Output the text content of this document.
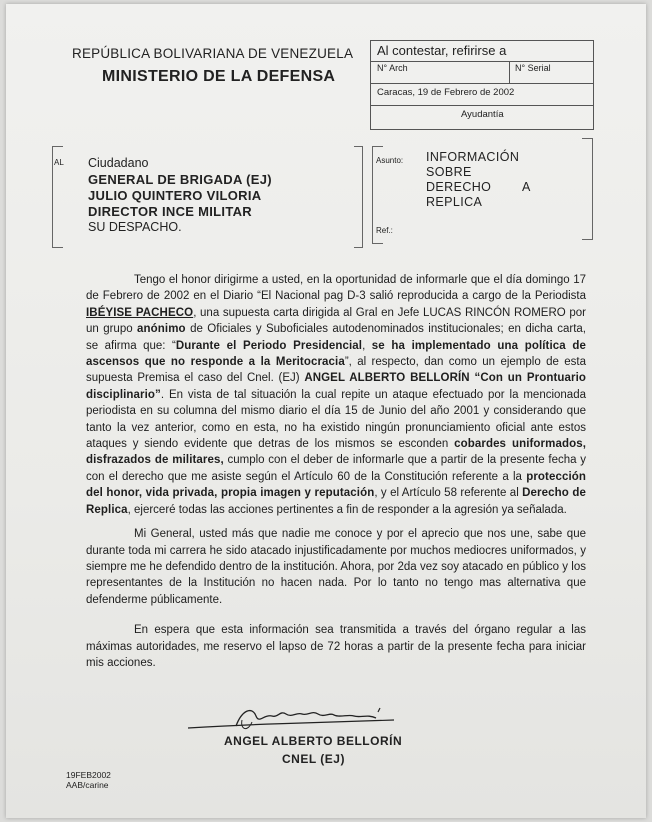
REPÚBLICA BOLIVARIANA DE VENEZUELA
MINISTERIO DE LA DEFENSA
Al contestar, refirirse a
N° Arch	N° Serial
Caracas, 19 de Febrero de 2002
Ayudantía
AL Ciudadano
GENERAL DE BRIGADA (EJ)
JULIO QUINTERO VILORIA
DIRECTOR INCE MILITAR
SU DESPACHO.
Asunto: INFORMACIÓN
SOBRE
DERECHO A
REPLICA
Ref.:

Tengo el honor dirigirme a usted, en la oportunidad de informarle que el día domingo 17 de Febrero de 2002 en el Diario “El Nacional pag D-3 salió reproducida a cargo de la Periodista IBÉYISE PACHECO, una supuesta carta dirigida al Gral en Jefe LUCAS RINCÓN ROMERO por un grupo anónimo de Oficiales y Suboficiales autodenominados institucionales; en dicha carta, se afirma que: “Durante el Periodo Presidencial, se ha implementado una política de ascensos que no responde a la Meritocracia”, al respecto, dan como un ejemplo de esta supuesta Premisa el caso del Cnel. (EJ) ANGEL ALBERTO BELLORÍN “Con un Prontuario disciplinario”. En vista de tal situación la cual repite un ataque efectuado por la mencionada periodista en su columna del mismo diario el día 15 de Junio del año 2001 y considerando que tanto la vez anterior, como en esta, no ha existido ningún pronunciamiento oficial ante estos ataques y siendo evidente que detras de los mismos se esconden cobardes uniformados, disfrazados de militares, cumplo con el deber de informarle que a partir de la presente fecha y con el derecho que me asiste según el Artículo 60 de la Constitución referente a la protección del honor, vida privada, propia imagen y reputación, y el Artículo 58 referente al Derecho de Replica, ejerceré todas las acciones pertinentes a fin de responder a la agresión ya señalada.

Mi General, usted más que nadie me conoce y por el aprecio que nos une, sabe que durante toda mi carrera he sido atacado injustificadamente por muchos mediocres uniformados, y siempre me he defendido dentro de la institución. Ahora, por 2da vez soy atacado en público y los representantes de la Institución no hacen nada. Por lo tanto no tengo mas alternativa que defenderme públicamente.

En espera que esta información sea transmitida a través del órgano regular a las máximas autoridades, me reservo el lapso de 72 horas a partir de la presente fecha para iniciar mis acciones.

ANGEL ALBERTO BELLORÍN
CNEL (EJ)
19FEB2002
AAB/carine
